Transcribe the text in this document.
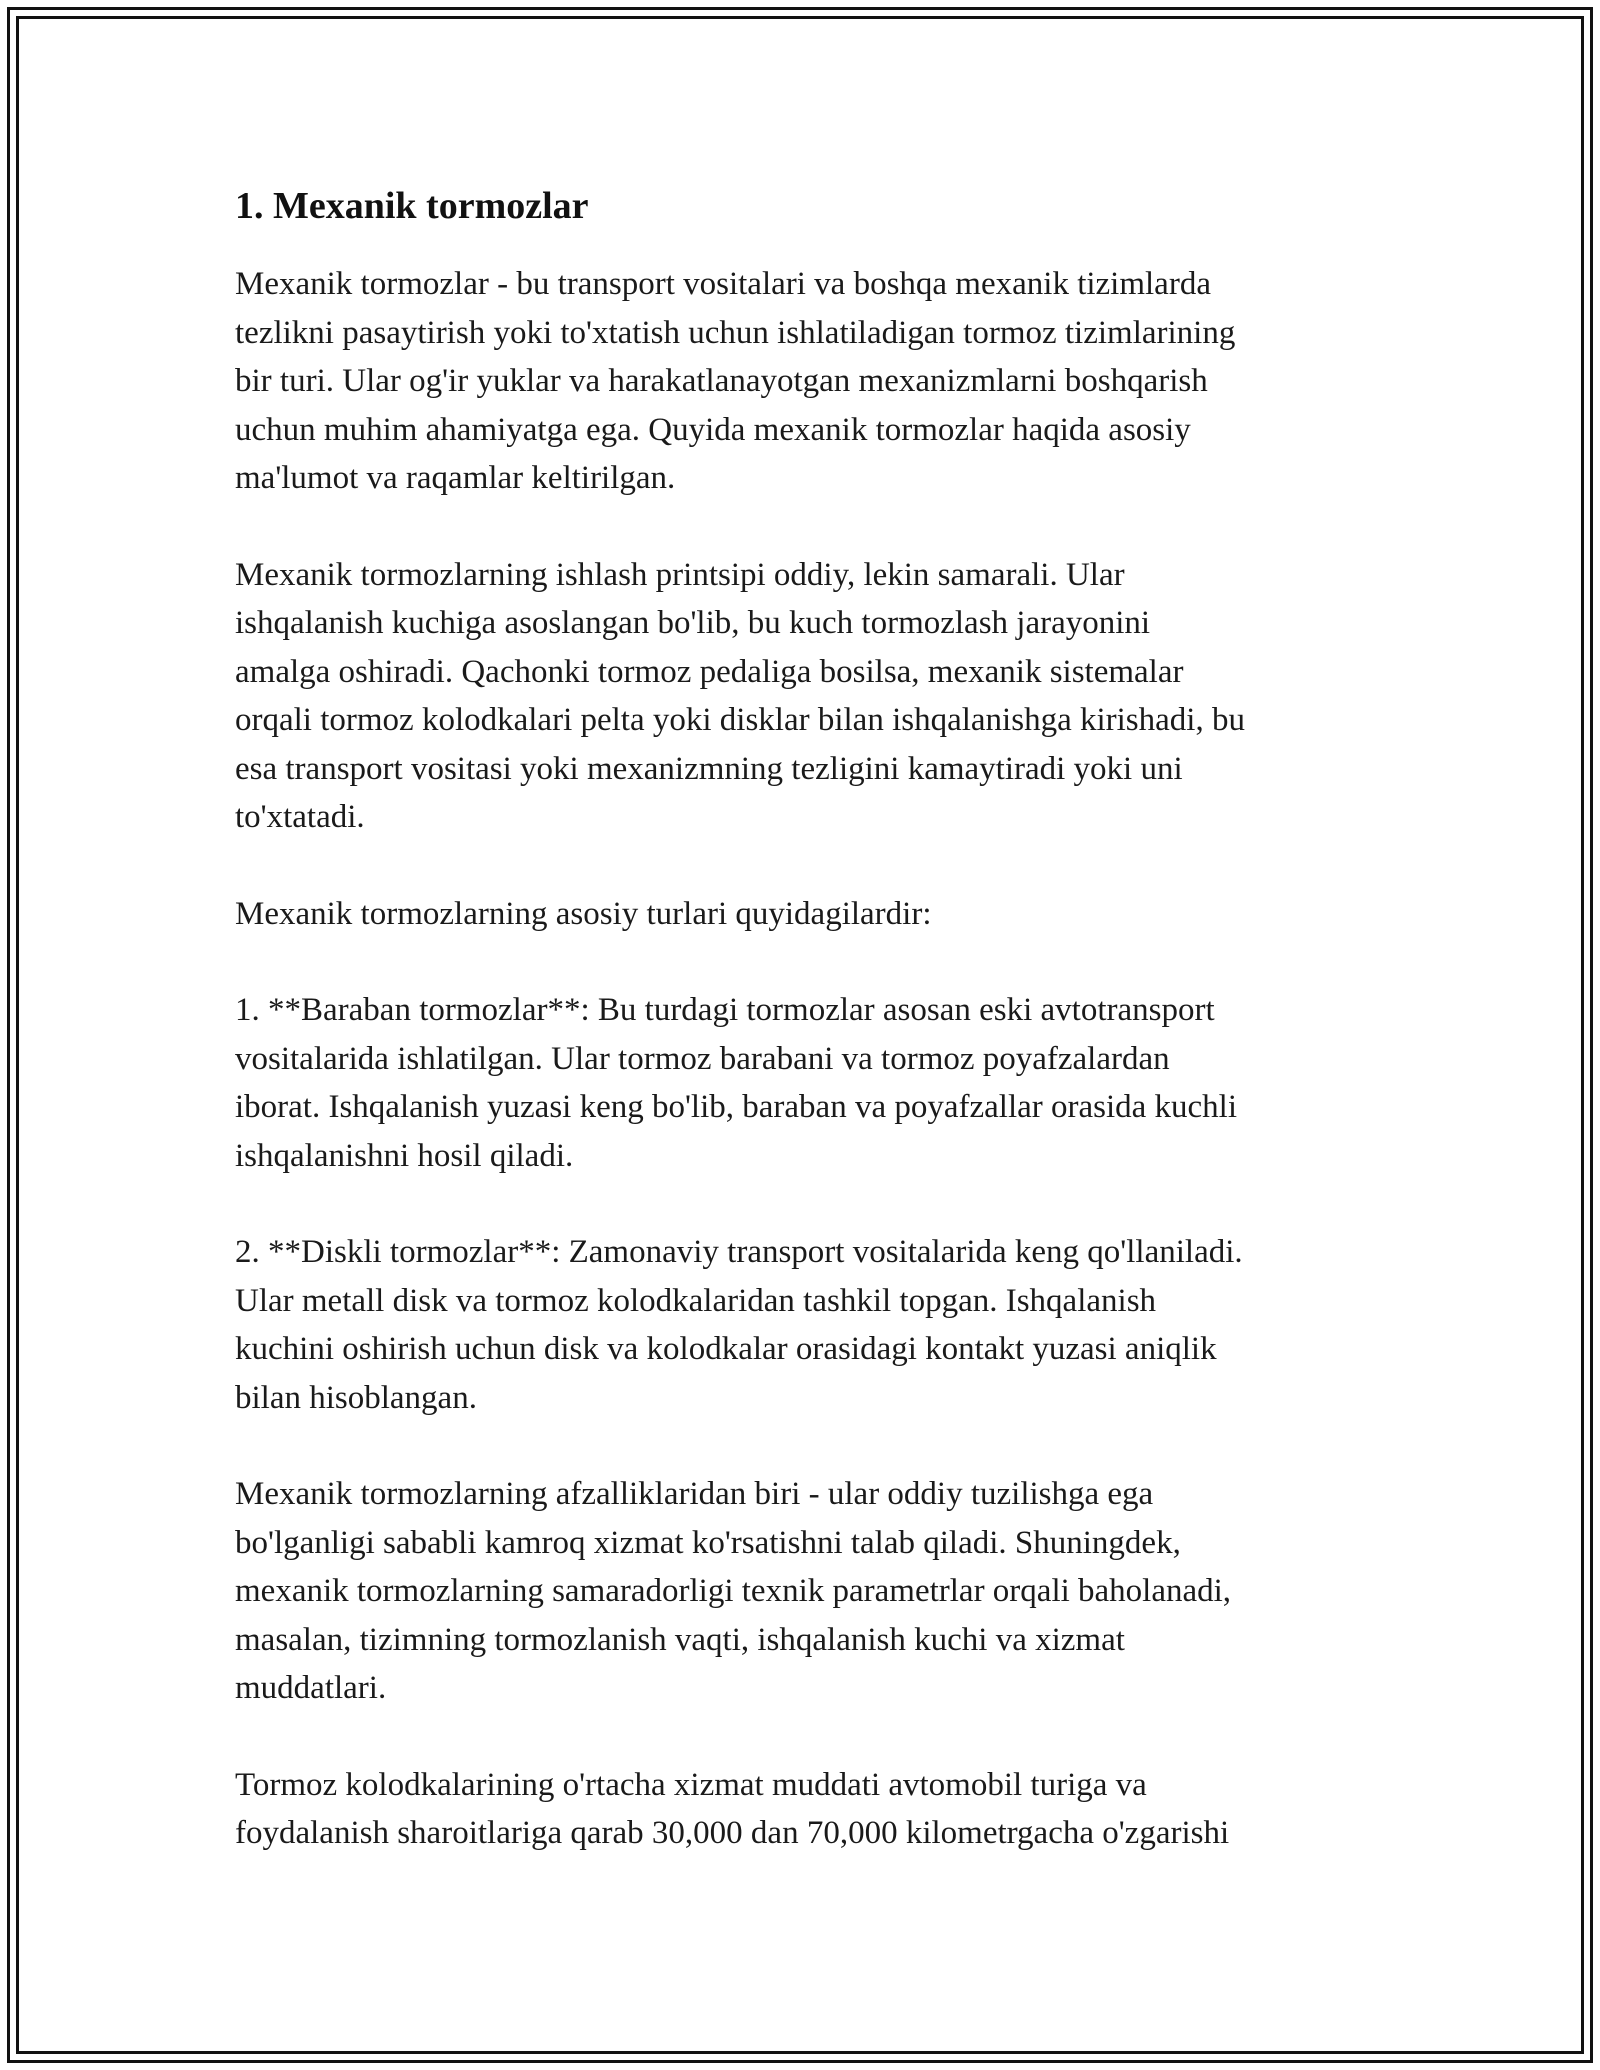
1. Mexanik tormozlar

Mexanik tormozlar - bu transport vositalari va boshqa mexanik tizimlarda
tezlikni pasaytirish yoki to'xtatish uchun ishlatiladigan tormoz tizimlarining
bir turi. Ular og'ir yuklar va harakatlanayotgan mexanizmlarni boshqarish
uchun muhim ahamiyatga ega. Quyida mexanik tormozlar haqida asosiy
ma'lumot va raqamlar keltirilgan.

Mexanik tormozlarning ishlash printsipi oddiy, lekin samarali. Ular
ishqalanish kuchiga asoslangan bo'lib, bu kuch tormozlash jarayonini
amalga oshiradi. Qachonki tormoz pedaliga bosilsa, mexanik sistemalar
orqali tormoz kolodkalari pelta yoki disklar bilan ishqalanishga kirishadi, bu
esa transport vositasi yoki mexanizmning tezligini kamaytiradi yoki uni
to'xtatadi.

Mexanik tormozlarning asosiy turlari quyidagilardir:

1. **Baraban tormozlar**: Bu turdagi tormozlar asosan eski avtotransport
vositalarida ishlatilgan. Ular tormoz barabani va tormoz poyafzalardan
iborat. Ishqalanish yuzasi keng bo'lib, baraban va poyafzallar orasida kuchli
ishqalanishni hosil qiladi.

2. **Diskli tormozlar**: Zamonaviy transport vositalarida keng qo'llaniladi.
Ular metall disk va tormoz kolodkalaridan tashkil topgan. Ishqalanish
kuchini oshirish uchun disk va kolodkalar orasidagi kontakt yuzasi aniqlik
bilan hisoblangan.

Mexanik tormozlarning afzalliklaridan biri - ular oddiy tuzilishga ega
bo'lganligi sababli kamroq xizmat ko'rsatishni talab qiladi. Shuningdek,
mexanik tormozlarning samaradorligi texnik parametrlar orqali baholanadi,
masalan, tizimning tormozlanish vaqti, ishqalanish kuchi va xizmat
muddatlari.

Tormoz kolodkalarining o'rtacha xizmat muddati avtomobil turiga va
foydalanish sharoitlariga qarab 30,000 dan 70,000 kilometrgacha o'zgarishi
